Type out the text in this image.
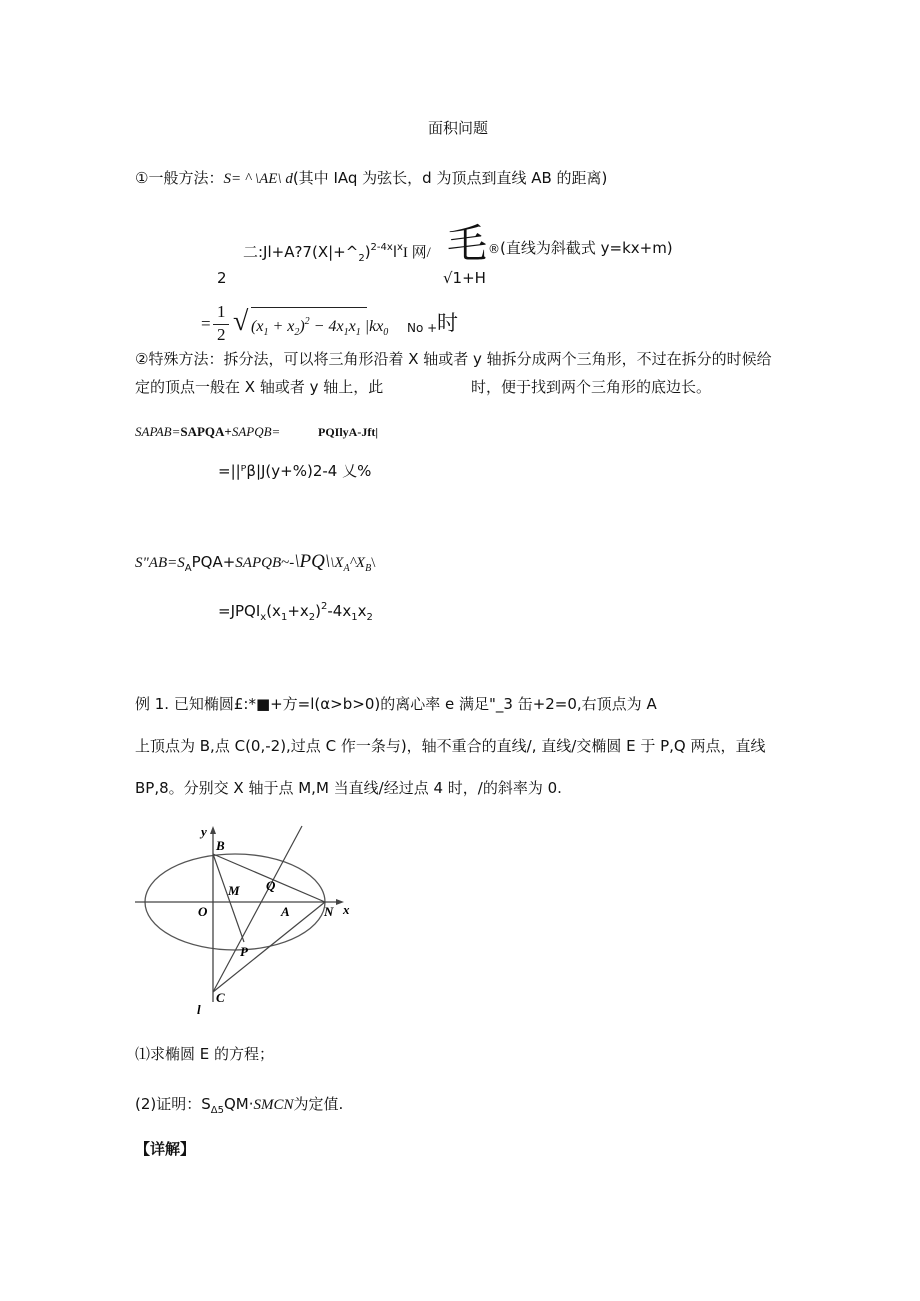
面积问题
①一般方法：S= ^ \AE\ d(其中 IAq 为弦长，d 为顶点到直线 AB 的距离)
二$:Jl+A?7(X|+\^{}_2)^{2-4x}l^xI$ 网/ 毛 ®(直线为斜截式 y=kx+m)
2	√1+H
=
1
2 √ $(x_1 + x_2)^2 - 4x_1x_1$ $|kx_0$ No + 时
②特殊方法：拆分法，可以将三角形沿着 X 轴或者 y 轴拆分成两个三角形，不过在拆分的时候给
定的顶点一般在 X 轴或者 y 轴上，此	时，便于找到两个三角形的底边长。
SAPAB=SAPQA+SAPQB=	PQIlyA-Jft|
=||ᴾβ|J(y+%)2-4 乂%
$S"AB=S_APQA+SAPQB\sim-\backslash PQ\backslash\backslash X_A\^{}X_B\backslash$
$=JPQI_x(x_1+x_2)^2-4x_1x_2$
例 1. 已知椭圆£:*■+方=l(α>b>0)的离心率 e 满足"_3 缶+2=0,右顶点为 A
上顶点为 B,点 C(0,-2),过点 C 作一条与)，轴不重合的直线/, 直线/交椭圆 E 于 P,Q 两点，直线
BP,8。分别交 X 轴于点 M,M 当直线/经过点 4 时，/的斜率为 0.
y
x
B
M Q
O	A	N
P
C
l
⑴求椭圆 E 的方程；
(2)证明：$S_{\Delta 5}QM\cdot SMCN$为定值.
【详解】
